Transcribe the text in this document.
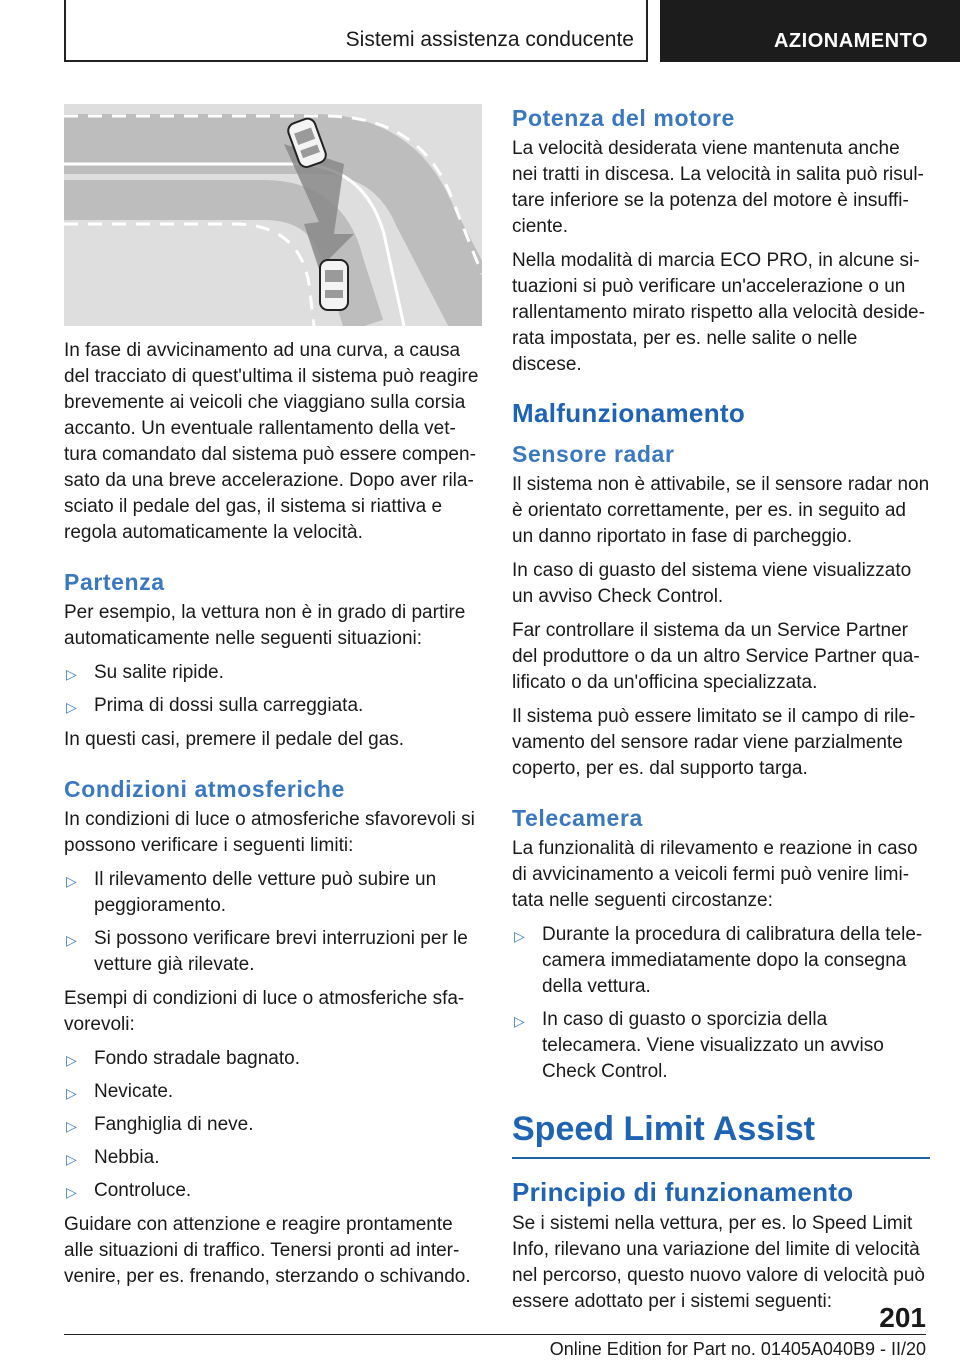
Sistemi assistenza conducente	AZIONAMENTO

In fase di avvicinamento ad una curva, a causa del tracciato di quest'ultima il sistema può reagire brevemente ai veicoli che viaggiano sulla corsia accanto. Un eventuale rallentamento della vettura comandato dal sistema può essere compensato da una breve accelerazione. Dopo aver rilasciato il pedale del gas, il sistema si riattiva e regola automaticamente la velocità.

Partenza

Per esempio, la vettura non è in grado di partire automaticamente nelle seguenti situazioni:

▷ Su salite ripide.
▷ Prima di dossi sulla carreggiata.

In questi casi, premere il pedale del gas.

Condizioni atmosferiche

In condizioni di luce o atmosferiche sfavorevoli si possono verificare i seguenti limiti:

▷ Il rilevamento delle vetture può subire un peggioramento.
▷ Si possono verificare brevi interruzioni per le vetture già rilevate.

Esempi di condizioni di luce o atmosferiche sfavorevoli:

▷ Fondo stradale bagnato.
▷ Nevicate.
▷ Fanghiglia di neve.
▷ Nebbia.
▷ Controluce.

Guidare con attenzione e reagire prontamente alle situazioni di traffico. Tenersi pronti ad intervenire, per es. frenando, sterzando o schivando.

Potenza del motore

La velocità desiderata viene mantenuta anche nei tratti in discesa. La velocità in salita può risultare inferiore se la potenza del motore è insufficiente.

Nella modalità di marcia ECO PRO, in alcune situazioni si può verificare un'accelerazione o un rallentamento mirato rispetto alla velocità desiderata impostata, per es. nelle salite o nelle discese.

Malfunzionamento
Sensore radar

Il sistema non è attivabile, se il sensore radar non è orientato correttamente, per es. in seguito ad un danno riportato in fase di parcheggio.

In caso di guasto del sistema viene visualizzato un avviso Check Control.

Far controllare il sistema da un Service Partner del produttore o da un altro Service Partner qualificato o da un'officina specializzata.

Il sistema può essere limitato se il campo di rilevamento del sensore radar viene parzialmente coperto, per es. dal supporto targa.

Telecamera

La funzionalità di rilevamento e reazione in caso di avvicinamento a veicoli fermi può venire limitata nelle seguenti circostanze:

▷ Durante la procedura di calibratura della telecamera immediatamente dopo la consegna della vettura.
▷ In caso di guasto o sporcizia della telecamera. Viene visualizzato un avviso Check Control.
Speed Limit Assist
Principio di funzionamento

Se i sistemi nella vettura, per es. lo Speed Limit Info, rilevano una variazione del limite di velocità nel percorso, questo nuovo valore di velocità può essere adottato per i sistemi seguenti:

201
Online Edition for Part no. 01405A040B9 - II/20
